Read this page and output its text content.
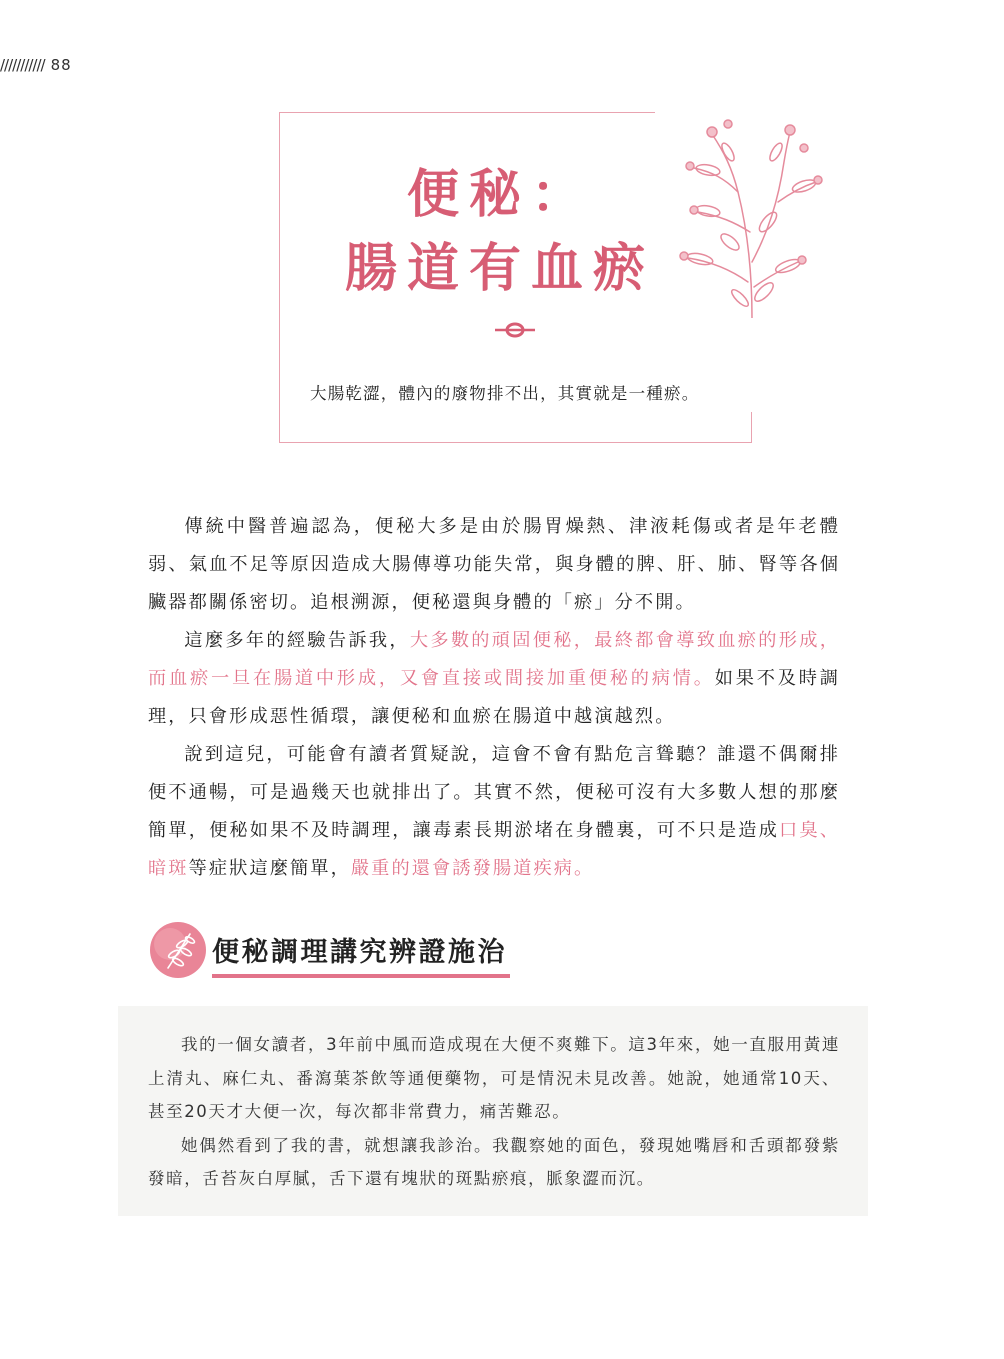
/////////// 88
便秘：
腸道有血瘀
大腸乾澀，體內的廢物排不出，其實就是一種瘀。

傳統中醫普遍認為，便秘大多是由於腸胃燥熱、津液耗傷或者是年老體弱、氣血不足等原因造成大腸傳導功能失常，與身體的脾、肝、肺、腎等各個臟器都關係密切。追根溯源，便秘還與身體的「瘀」分不開。

這麼多年的經驗告訴我，大多數的頑固便秘，最終都會導致血瘀的形成，而血瘀一旦在腸道中形成，又會直接或間接加重便秘的病情。如果不及時調理，只會形成惡性循環，讓便秘和血瘀在腸道中越演越烈。

說到這兒，可能會有讀者質疑說，這會不會有點危言聳聽？誰還不偶爾排便不通暢，可是過幾天也就排出了。其實不然，便秘可沒有大多數人想的那麼簡單，便秘如果不及時調理，讓毒素長期淤堵在身體裏，可不只是造成口臭、暗斑等症狀這麼簡單，嚴重的還會誘發腸道疾病。

便秘調理講究辨證施治

我的一個女讀者，3年前中風而造成現在大便不爽難下。這3年來，她一直服用黃連上清丸、麻仁丸、番瀉葉茶飲等通便藥物，可是情況未見改善。她說，她通常10天、甚至20天才大便一次，每次都非常費力，痛苦難忍。

她偶然看到了我的書，就想讓我診治。我觀察她的面色，發現她嘴唇和舌頭都發紫發暗，舌苔灰白厚膩，舌下還有塊狀的斑點瘀痕，脈象澀而沉。
